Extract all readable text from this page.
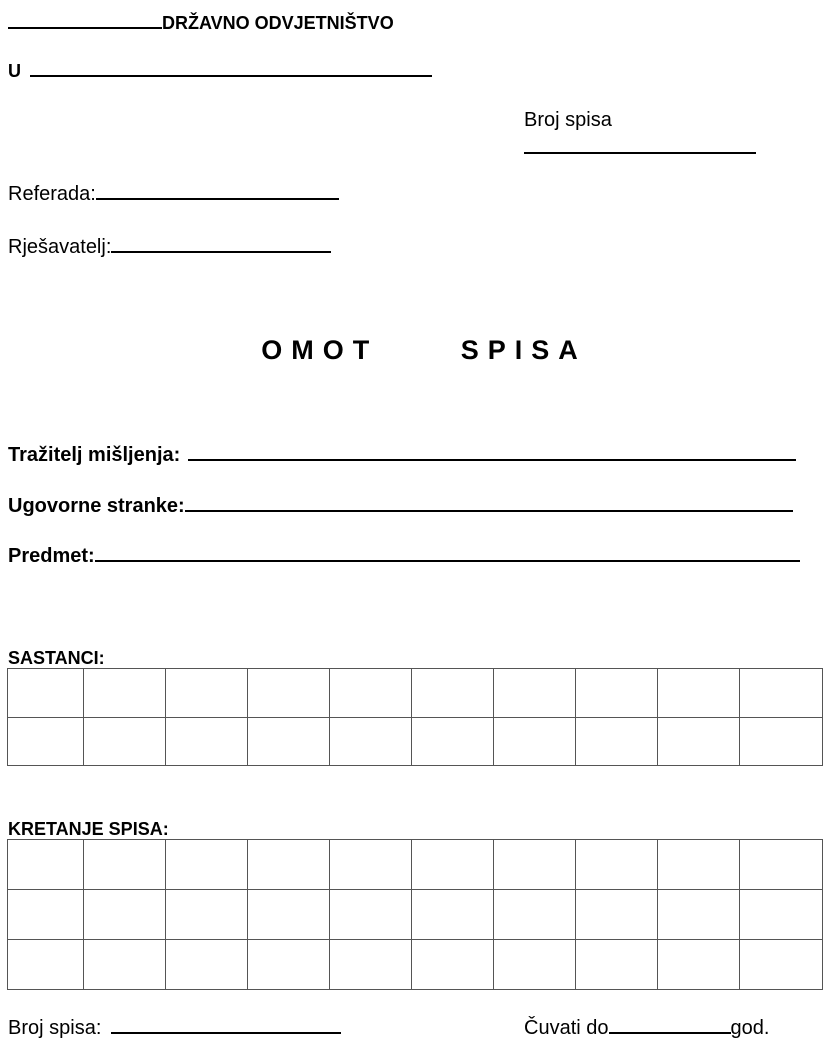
DRŽAVNO ODVJETNIŠTVO
U
Broj spisa
Referada:
Rješavatelj:
OMOT     SPISA
Tražitelj mišljenja:
Ugovorne stranke:
Predmet:
SASTANCI:

KRETANJE SPISA:

Broj spisa:	Čuvati do	god.
